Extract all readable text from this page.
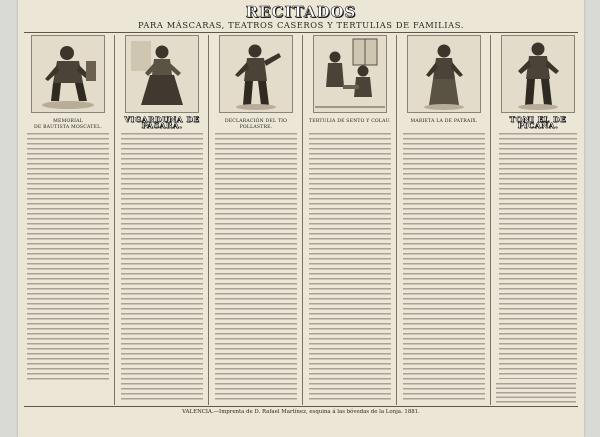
RECITADOS
PARA MÁSCARAS, TEATROS CASEROS Y TERTULIAS DE FAMILIAS.
MEMORIAL
DE BAUTISTA MOSCATEL.
VIGARDUNA DE PASARA.	DECLARACIÓN DEL TIO POLLASTRE.
TERTULIA DE SENTO Y COLAU.	MARIETA LA DE PATRAIX.	TONI EL DE PICAÑA.
VALENCIA.—Imprenta de D. Rafael Martínez, esquina á las bóvedas de la Lonja. 1881.
